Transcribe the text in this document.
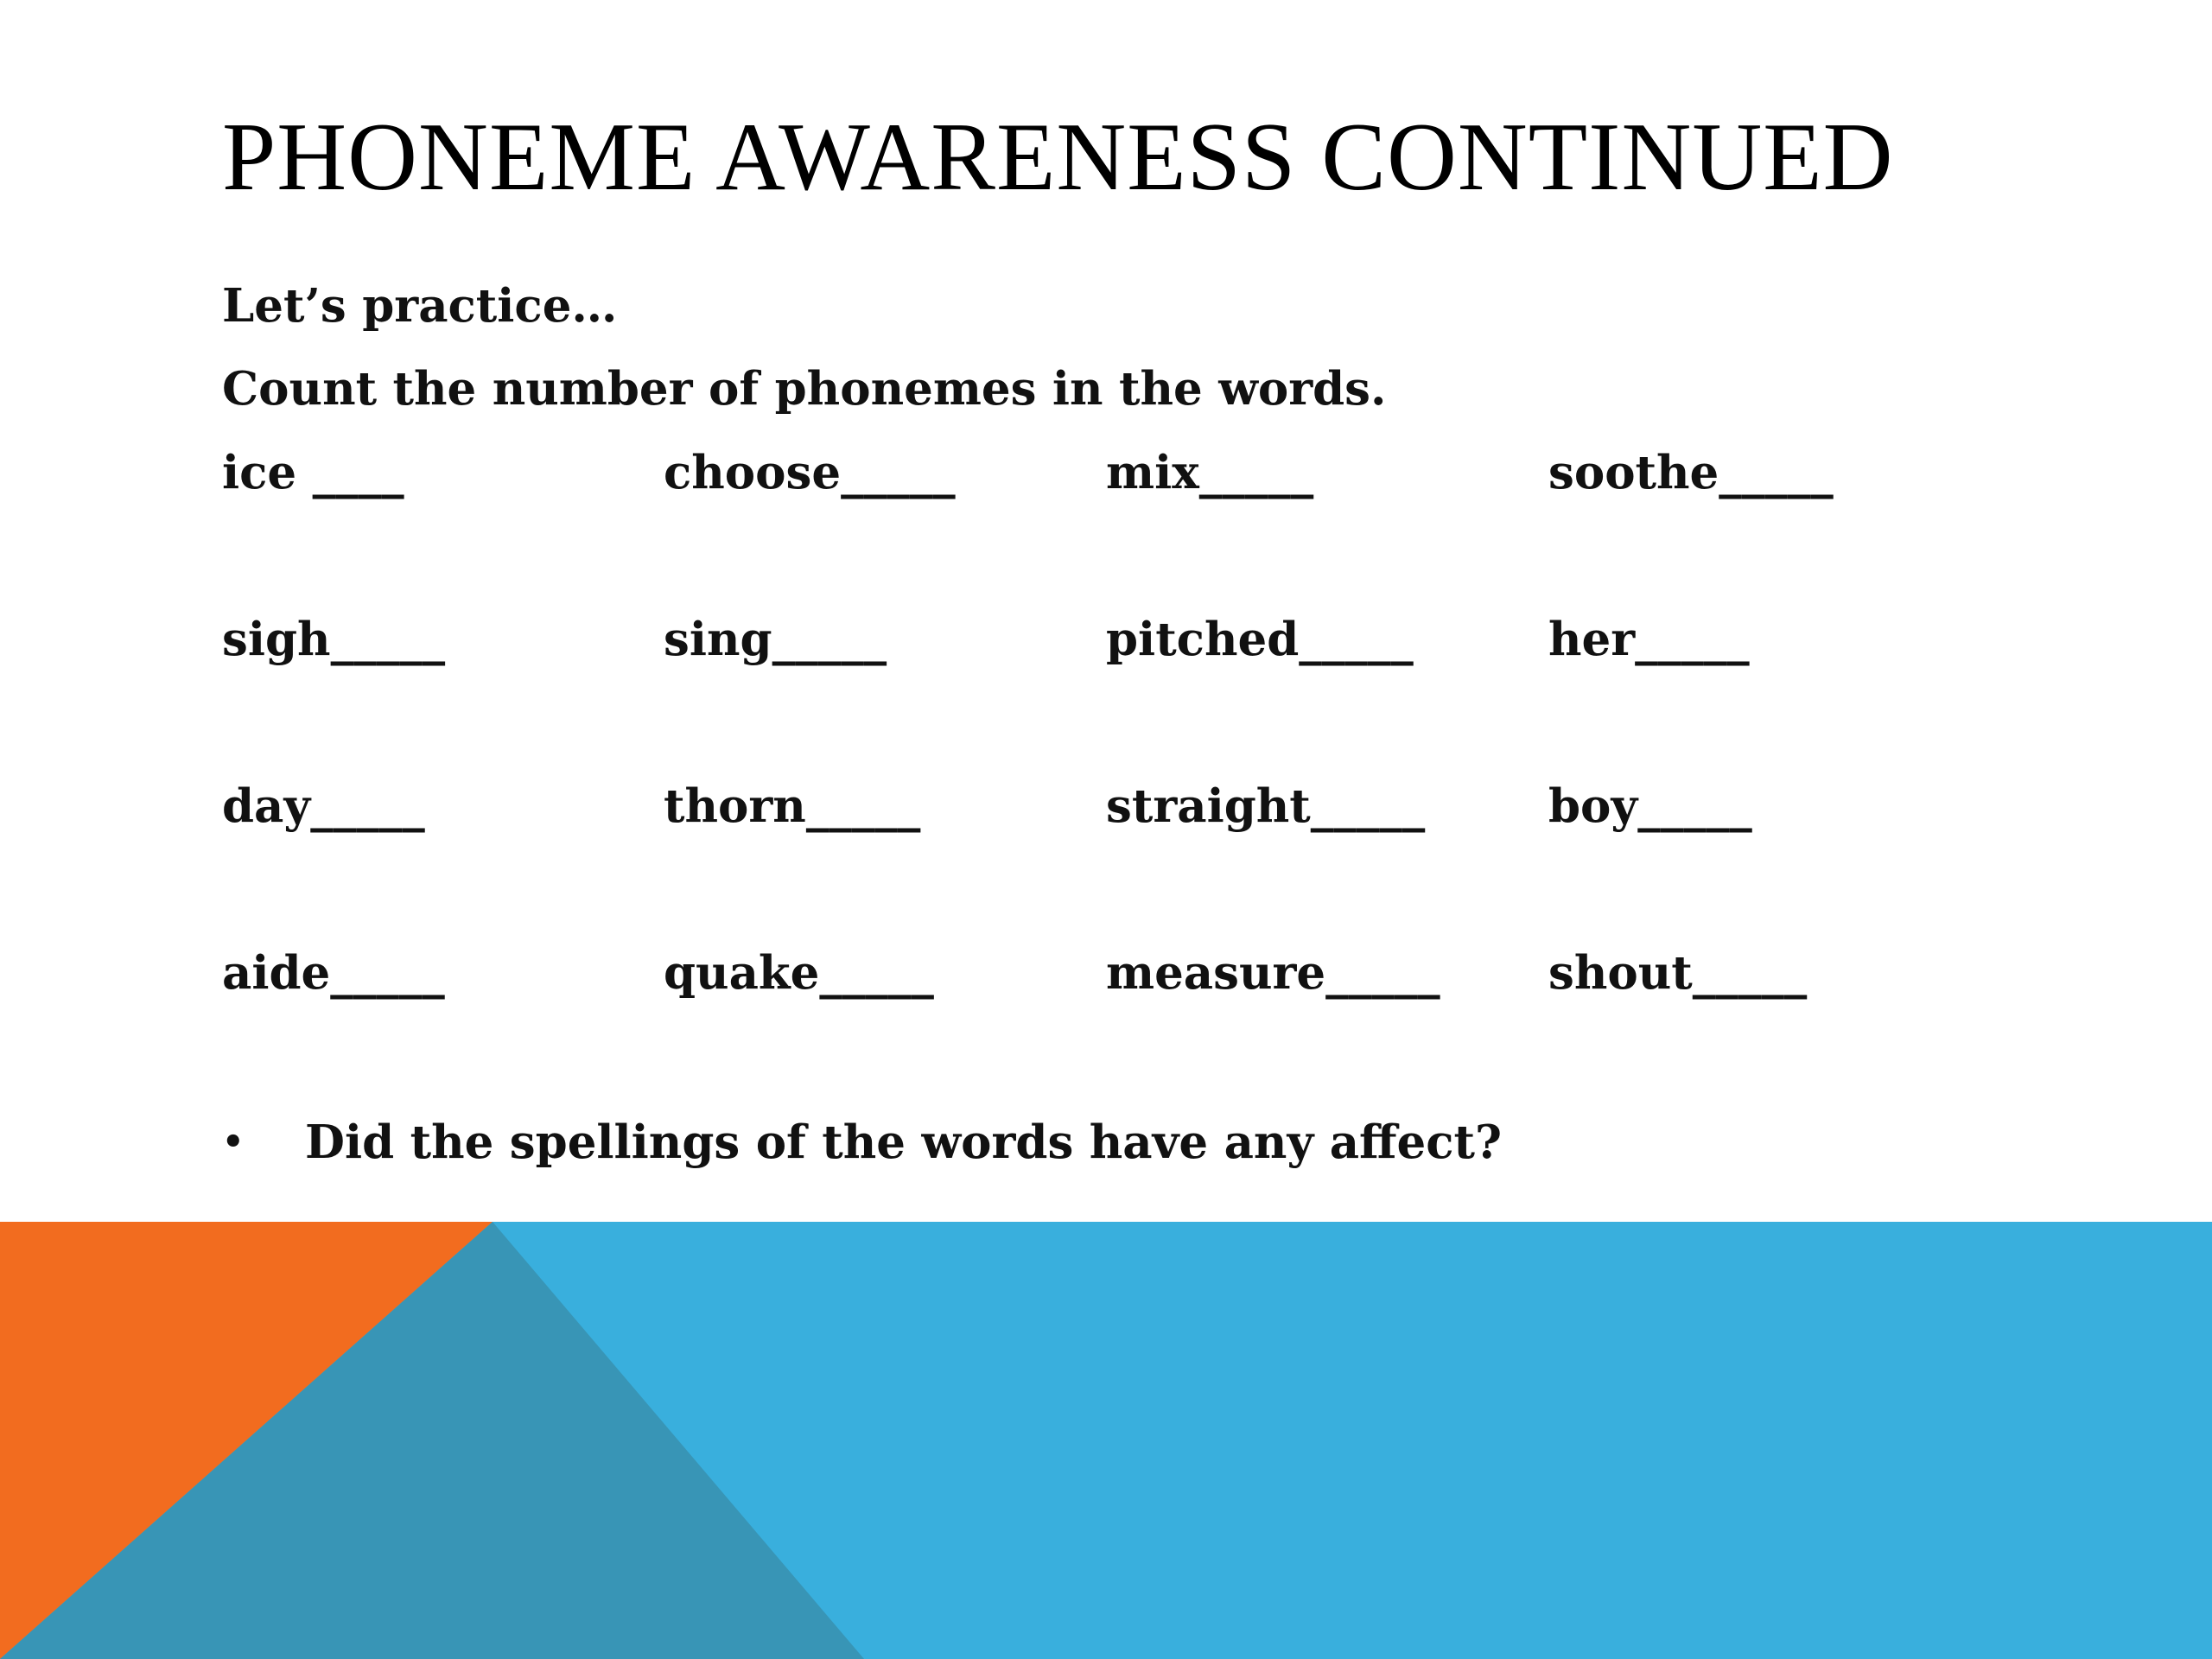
PHONEME AWARENESS CONTINUED
Let’s practice…
Count the number of phonemes in the words.
ice ____	choose_____	mix_____	soothe_____
sigh_____	sing_____	pitched_____	her_____
day_____	thorn_____	straight_____	boy_____
aide_____	quake_____	measure_____ shout_____
• Did the spellings of the words have any affect?
